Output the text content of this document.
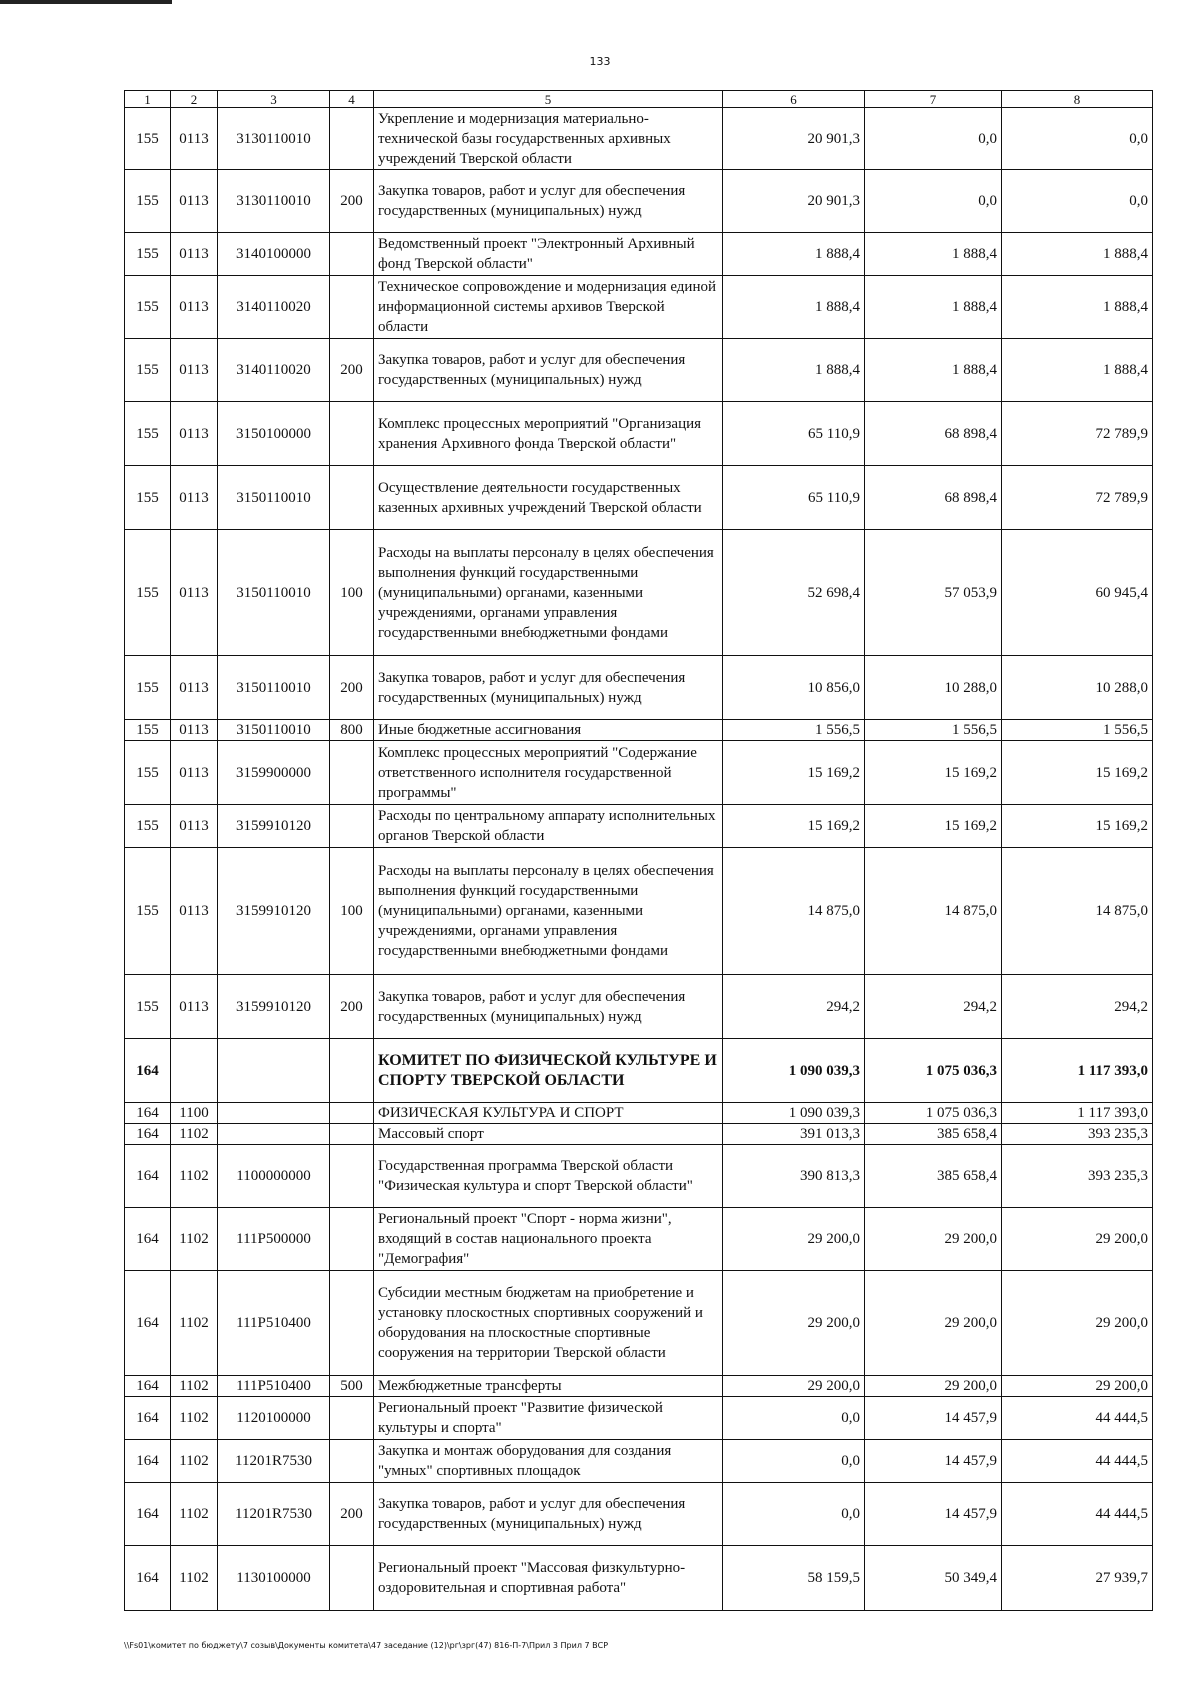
133
1	2	3	4	5	6	7	8
155	0113	3130110010		Укрепление и модернизация материально-технической базы государственных архивных учреждений Тверской области	20 901,3	0,0	0,0
155	0113	3130110010	200	Закупка товаров, работ и услуг для обеспечения государственных (муниципальных) нужд	20 901,3	0,0	0,0
155	0113	3140100000		Ведомственный проект "Электронный Архивный фонд Тверской области"	1 888,4	1 888,4	1 888,4
155	0113	3140110020		Техническое сопровождение и модернизация единой информационной системы архивов Тверской области	1 888,4	1 888,4	1 888,4
155	0113	3140110020	200	Закупка товаров, работ и услуг для обеспечения государственных (муниципальных) нужд	1 888,4	1 888,4	1 888,4
155	0113	3150100000		Комплекс процессных мероприятий "Организация хранения Архивного фонда Тверской области"	65 110,9	68 898,4	72 789,9
155	0113	3150110010		Осуществление деятельности государственных казенных архивных учреждений Тверской области	65 110,9	68 898,4	72 789,9
155	0113	3150110010	100	Расходы на выплаты персоналу в целях обеспечения выполнения функций государственными (муниципальными) органами, казенными учреждениями, органами управления государственными внебюджетными фондами	52 698,4	57 053,9	60 945,4
155	0113	3150110010	200	Закупка товаров, работ и услуг для обеспечения государственных (муниципальных) нужд	10 856,0	10 288,0	10 288,0
155	0113	3150110010	800	Иные бюджетные ассигнования	1 556,5	1 556,5	1 556,5
155	0113	3159900000		Комплекс процессных мероприятий "Содержание ответственного исполнителя государственной программы"	15 169,2	15 169,2	15 169,2
155	0113	3159910120		Расходы по центральному аппарату исполнительных органов Тверской области	15 169,2	15 169,2	15 169,2
155	0113	3159910120	100	Расходы на выплаты персоналу в целях обеспечения выполнения функций государственными (муниципальными) органами, казенными учреждениями, органами управления государственными внебюджетными фондами	14 875,0	14 875,0	14 875,0
155	0113	3159910120	200	Закупка товаров, работ и услуг для обеспечения государственных (муниципальных) нужд	294,2	294,2	294,2
164				КОМИТЕТ ПО ФИЗИЧЕСКОЙ КУЛЬТУРЕ И СПОРТУ ТВЕРСКОЙ ОБЛАСТИ	1 090 039,3	1 075 036,3	1 117 393,0
164	1100			ФИЗИЧЕСКАЯ КУЛЬТУРА И СПОРТ	1 090 039,3	1 075 036,3	1 117 393,0
164	1102			Массовый спорт	391 013,3	385 658,4	393 235,3
164	1102	1100000000		Государственная программа Тверской области "Физическая культура и спорт Тверской области"	390 813,3	385 658,4	393 235,3
164	1102	111P500000		Региональный проект "Спорт - норма жизни", входящий в состав национального проекта "Демография"	29 200,0	29 200,0	29 200,0
164	1102	111P510400		Субсидии местным бюджетам на приобретение и установку плоскостных спортивных сооружений и оборудования на плоскостные спортивные сооружения на территории Тверской области	29 200,0	29 200,0	29 200,0
164	1102	111P510400	500	Межбюджетные трансферты	29 200,0	29 200,0	29 200,0
164	1102	1120100000		Региональный проект "Развитие физической культуры и спорта"	0,0	14 457,9	44 444,5
164	1102	11201R7530		Закупка и монтаж оборудования для создания "умных" спортивных площадок	0,0	14 457,9	44 444,5
164	1102	11201R7530	200	Закупка товаров, работ и услуг для обеспечения государственных (муниципальных) нужд	0,0	14 457,9	44 444,5
164	1102	1130100000		Региональный проект "Массовая физкультурно-оздоровительная и спортивная работа"	58 159,5	50 349,4	27 939,7
\\Fs01\комитет по бюджету\7 созыв\Документы комитета\47 заседание (12)\рг\зрг(47) 816-П-7\Прил 3 Прил 7 ВСР
